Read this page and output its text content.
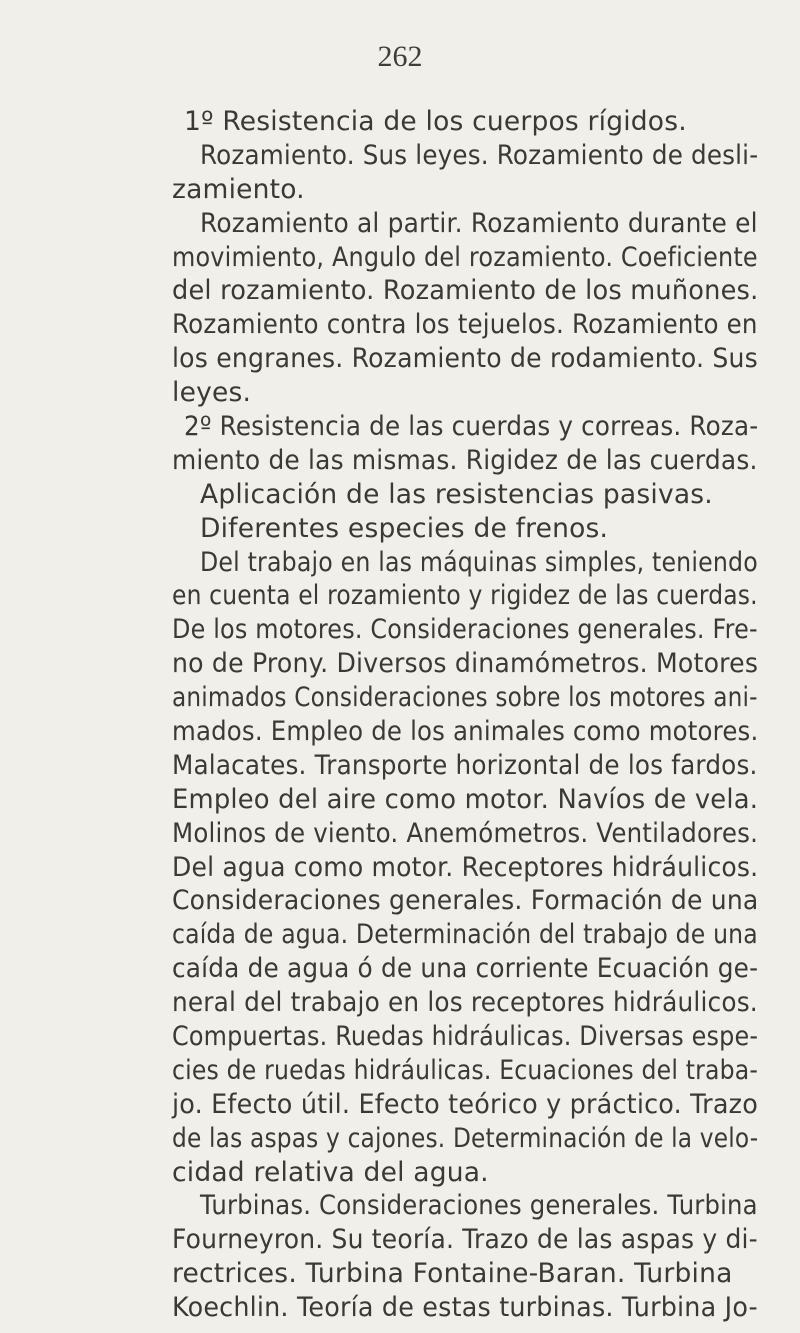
262
1º Resistencia de los cuerpos rígidos.
Rozamiento. Sus leyes. Rozamiento de desli-
zamiento.
Rozamiento al partir. Rozamiento durante el
movimiento, Angulo del rozamiento. Coeficiente
del rozamiento. Rozamiento de los muñones.
Rozamiento contra los tejuelos. Rozamiento en
los engranes. Rozamiento de rodamiento. Sus
leyes.
2º Resistencia de las cuerdas y correas. Roza-
miento de las mismas. Rigidez de las cuerdas.
Aplicación de las resistencias pasivas.
Diferentes especies de frenos.
Del trabajo en las máquinas simples, teniendo
en cuenta el rozamiento y rigidez de las cuerdas.
De los motores. Consideraciones generales. Fre-
no de Prony. Diversos dinamómetros. Motores
animados Consideraciones sobre los motores ani-
mados. Empleo de los animales como motores.
Malacates. Transporte horizontal de los fardos.
Empleo del aire como motor. Navíos de vela.
Molinos de viento. Anemómetros. Ventiladores.
Del agua como motor. Receptores hidráulicos.
Consideraciones generales. Formación de una
caída de agua. Determinación del trabajo de una
caída de agua ó de una corriente Ecuación ge-
neral del trabajo en los receptores hidráulicos.
Compuertas. Ruedas hidráulicas. Diversas espe-
cies de ruedas hidráulicas. Ecuaciones del traba-
jo. Efecto útil. Efecto teórico y práctico. Trazo
de las aspas y cajones. Determinación de la velo-
cidad relativa del agua.
Turbinas. Consideraciones generales. Turbina
Fourneyron. Su teoría. Trazo de las aspas y di-
rectrices. Turbina Fontaine-Baran. Turbina
Koechlin. Teoría de estas turbinas. Turbina Jo-
